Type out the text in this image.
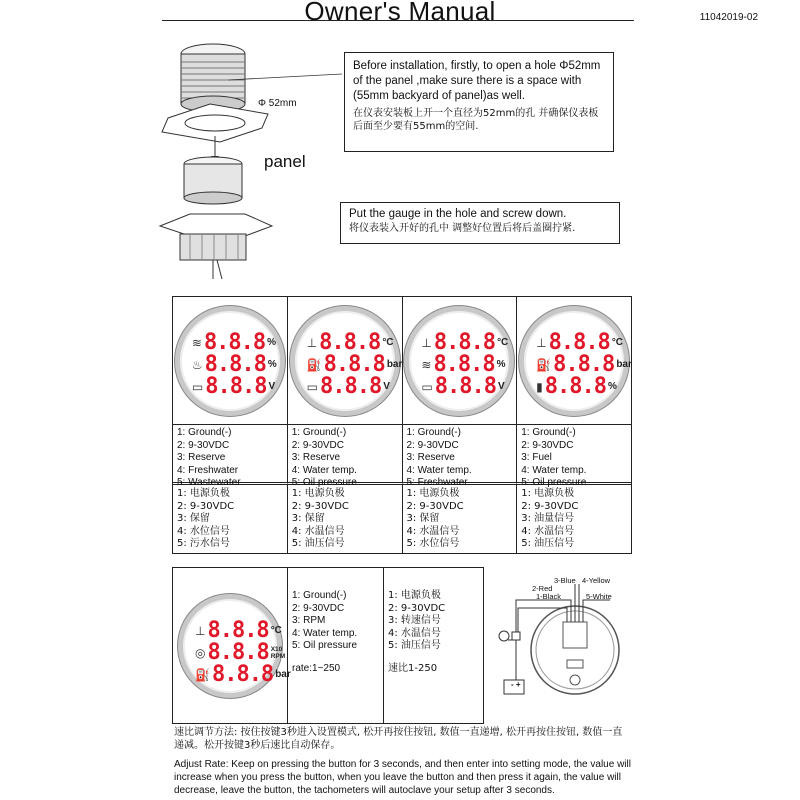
Owner's Manual	11042019-02
Φ 52mm
panel
Before installation, firstly, to open a hole Φ52mm of the panel ,make sure there is a space with (55mm backyard of panel)as well.
在仪表安装板上开一个直径为52mm的孔 并确保仪表板后面至少要有55mm的空间.
Put the gauge in the hole and screw down.
将仪表装入开好的孔中 调整好位置后将后盖圈拧紧.
≋ 8.8.8 %
♨ 8.8.8 %
▭ 8.8.8 V
⊥ 8.8.8 °C
⛽ 8.8.8 bar
▭ 8.8.8 V
⊥ 8.8.8 °C
≋ 8.8.8 %
▭ 8.8.8 V
⊥ 8.8.8 °C
⛽ 8.8.8 bar
▮ 8.8.8 %
1: Ground(-)
2: 9-30VDC
3: Reserve
4: Freshwater
5: Wastewater
1: Ground(-)
2: 9-30VDC
3: Reserve
4: Water temp.
5: Oil pressure
1: Ground(-)
2: 9-30VDC
3: Reserve
4: Water temp.
5: Freshwater
1: Ground(-)
2: 9-30VDC
3: Fuel
4: Water temp.
5: Oil pressure
1: 电源负极
2: 9-30VDC
3: 保留
4: 水位信号
5: 污水信号
1: 电源负极
2: 9-30VDC
3: 保留
4: 水温信号
5: 油压信号
1: 电源负极
2: 9-30VDC
3: 保留
4: 水温信号
5: 水位信号
1: 电源负极
2: 9-30VDC
3: 油量信号
4: 水温信号
5: 油压信号
⊥ 8.8.8 °C
◎ 8.8.8 X10 RPM
⛽ 8.8.8 bar
1: Ground(-)
2: 9-30VDC
3: RPM
4: Water temp.
5: Oil pressure
rate:1~250
1: 电源负极
2: 9-30VDC
3: 转速信号
4: 水温信号
5: 油压信号
速比1-250
1-Black
2-Red
3-Blue 4-Yellow
5-White
- +
速比调节方法: 按住按键3秒进入设置模式, 松开再按住按钮, 数值一直递增, 松开再按住按钮, 数值一直递减。松开按键3秒后速比自动保存。
Adjust Rate: Keep on pressing the button for 3 seconds, and then enter into setting mode, the value will increase when you press the button, when you leave the button and then press it again, the value will decrease, leave the button, the tachometers will autoclave your setup after 3 seconds.
